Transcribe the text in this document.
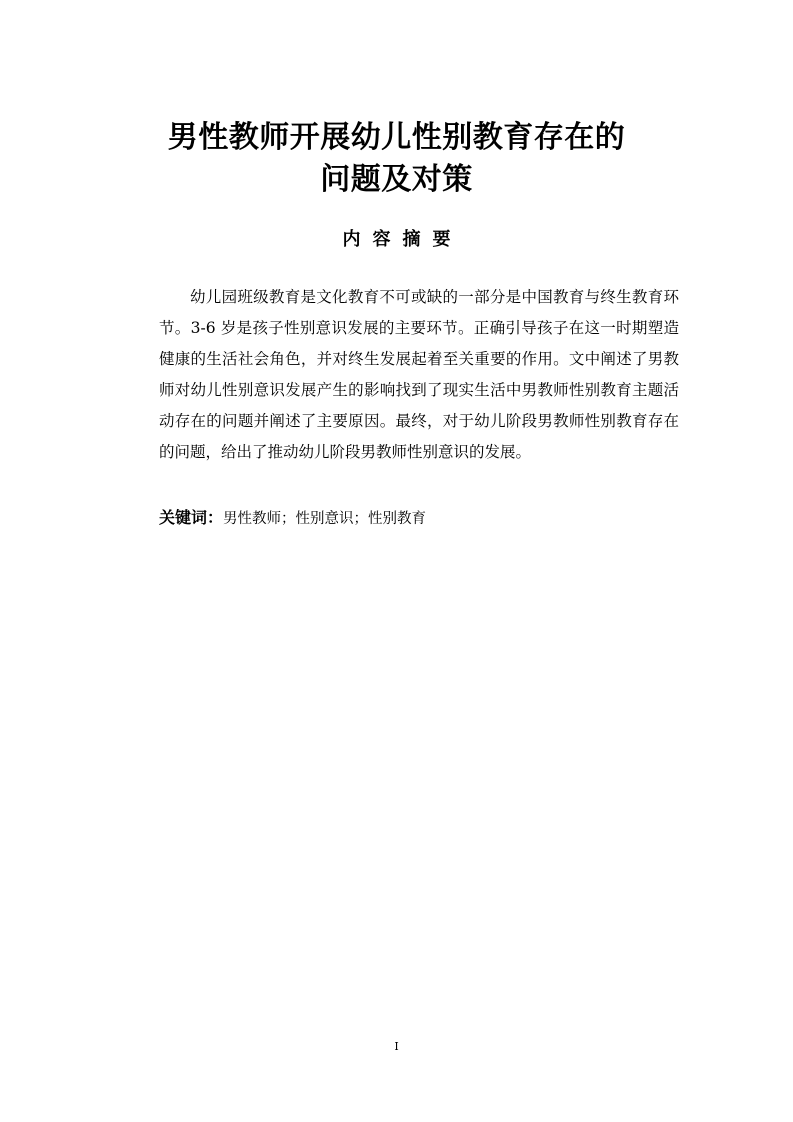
男性教师开展幼儿性别教育存在的
问题及对策
内容摘要

幼儿园班级教育是文化教育不可或缺的一部分是中国教育与终生教育环节。3-6 岁是孩子性别意识发展的主要环节。正确引导孩子在这一时期塑造健康的生活社会角色，并对终生发展起着至关重要的作用。文中阐述了男教师对幼儿性别意识发展产生的影响找到了现实生活中男教师性别教育主题活动存在的问题并阐述了主要原因。最终，对于幼儿阶段男教师性别教育存在的问题，给出了推动幼儿阶段男教师性别意识的发展。

关键词：男性教师；性别意识；性别教育
I
